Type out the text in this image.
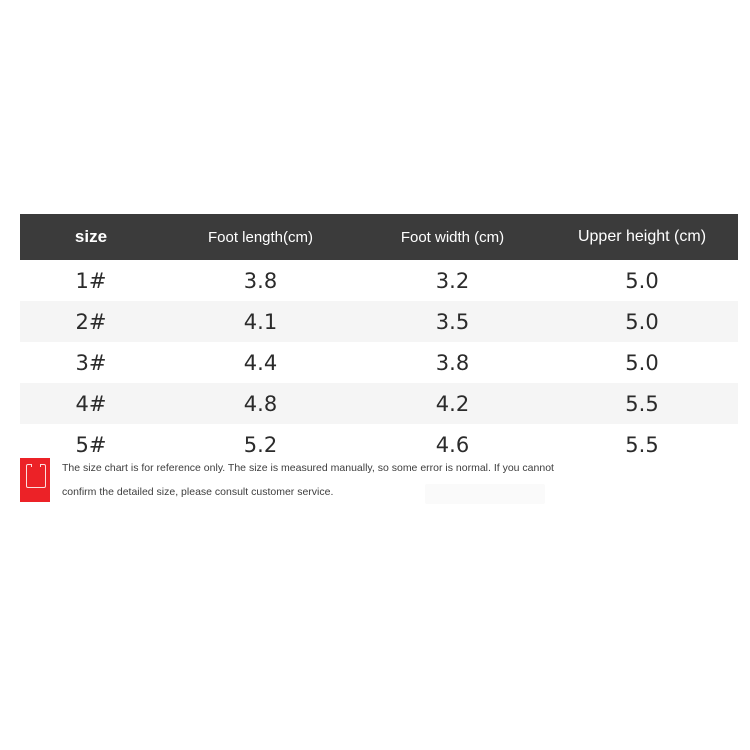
size	Foot length(cm)	Foot width (cm)	Upper height (cm)
1#	3.8	3.2	5.0
2#	4.1	3.5	5.0
3#	4.4	3.8	5.0
4#	4.8	4.2	5.5
5#	5.2	4.6	5.5
The size chart is for reference only. The size is measured manually, so some error is normal. If you cannot
confirm the detailed size, please consult customer service.
